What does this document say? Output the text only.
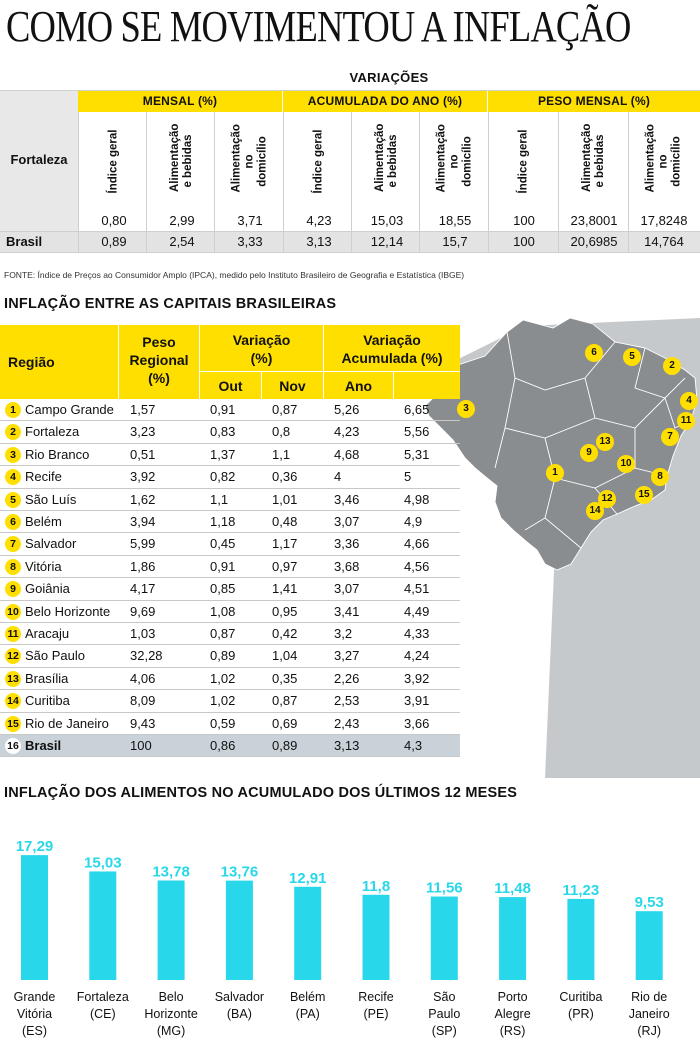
COMO SE MOVIMENTOU A INFLAÇÃO
VARIAÇÕES
MENSAL (%)	ACUMULADA DO ANO (%)	PESO MENSAL (%)
Índice geral	Alimentação e bebidas	Alimentação no domicílio	Índice geral	Alimentação e bebidas	Alimentação no domicílio	Índice geral	Alimentação e bebidas	Alimentação no domicílio
Fortaleza
Brasil
0,80	2,99	3,71	4,23	15,03	18,55	100	23,8001	17,8248
0,89	2,54	3,33	3,13	12,14	15,7	100	20,6985	14,764
FONTE: Índice de Preços ao Consumidor Amplo (IPCA), medido pelo Instituto Brasileiro de Geografia e Estatística (IBGE)
INFLAÇÃO ENTRE AS CAPITAIS BRASILEIRAS
1
2
3
4
5
6
7
8
9
10
11
12
13
14
15
Região
Peso
Regional
(%)
Variação
(%)
Variação
Acumulada (%)
Out	Nov	Ano
1 Campo Grande 1,57	0,91	0,87	5,26	6,65
2 Fortaleza	3,23	0,83	0,8	4,23	5,56
3 Rio Branco	0,51	1,37	1,1	4,68	5,31
4 Recife	3,92	0,82	0,36	4	5
5 São Luís	1,62	1,1	1,01	3,46	4,98
6 Belém	3,94	1,18	0,48	3,07	4,9
7 Salvador	5,99	0,45	1,17	3,36	4,66
8 Vitória	1,86	0,91	0,97	3,68	4,56
9 Goiânia	4,17	0,85	1,41	3,07	4,51
10 Belo Horizonte 9,69	1,08	0,95	3,41	4,49
11 Aracaju	1,03	0,87	0,42	3,2	4,33
12 São Paulo	32,28	0,89	1,04	3,27	4,24
13 Brasília	4,06	1,02	0,35	2,26	3,92
14 Curitiba	8,09	1,02	0,87	2,53	3,91
15 Rio de Janeiro 9,43	0,59	0,69	2,43	3,66
16 Brasil	100	0,86	0,89	3,13	4,3
INFLAÇÃO DOS ALIMENTOS NO ACUMULADO DOS ÚLTIMOS 12 MESES
17,29
Grande Vitória (ES)
15,03
Fortaleza (CE)
13,78
Belo Horizonte (MG)
13,76
Salvador (BA)
12,91
Belém (PA)
11,8
Recife (PE)
11,56
São Paulo (SP)
11,48
Porto Alegre (RS)
11,23
Curitiba (PR)
9,53
Rio de Janeiro (RJ)
